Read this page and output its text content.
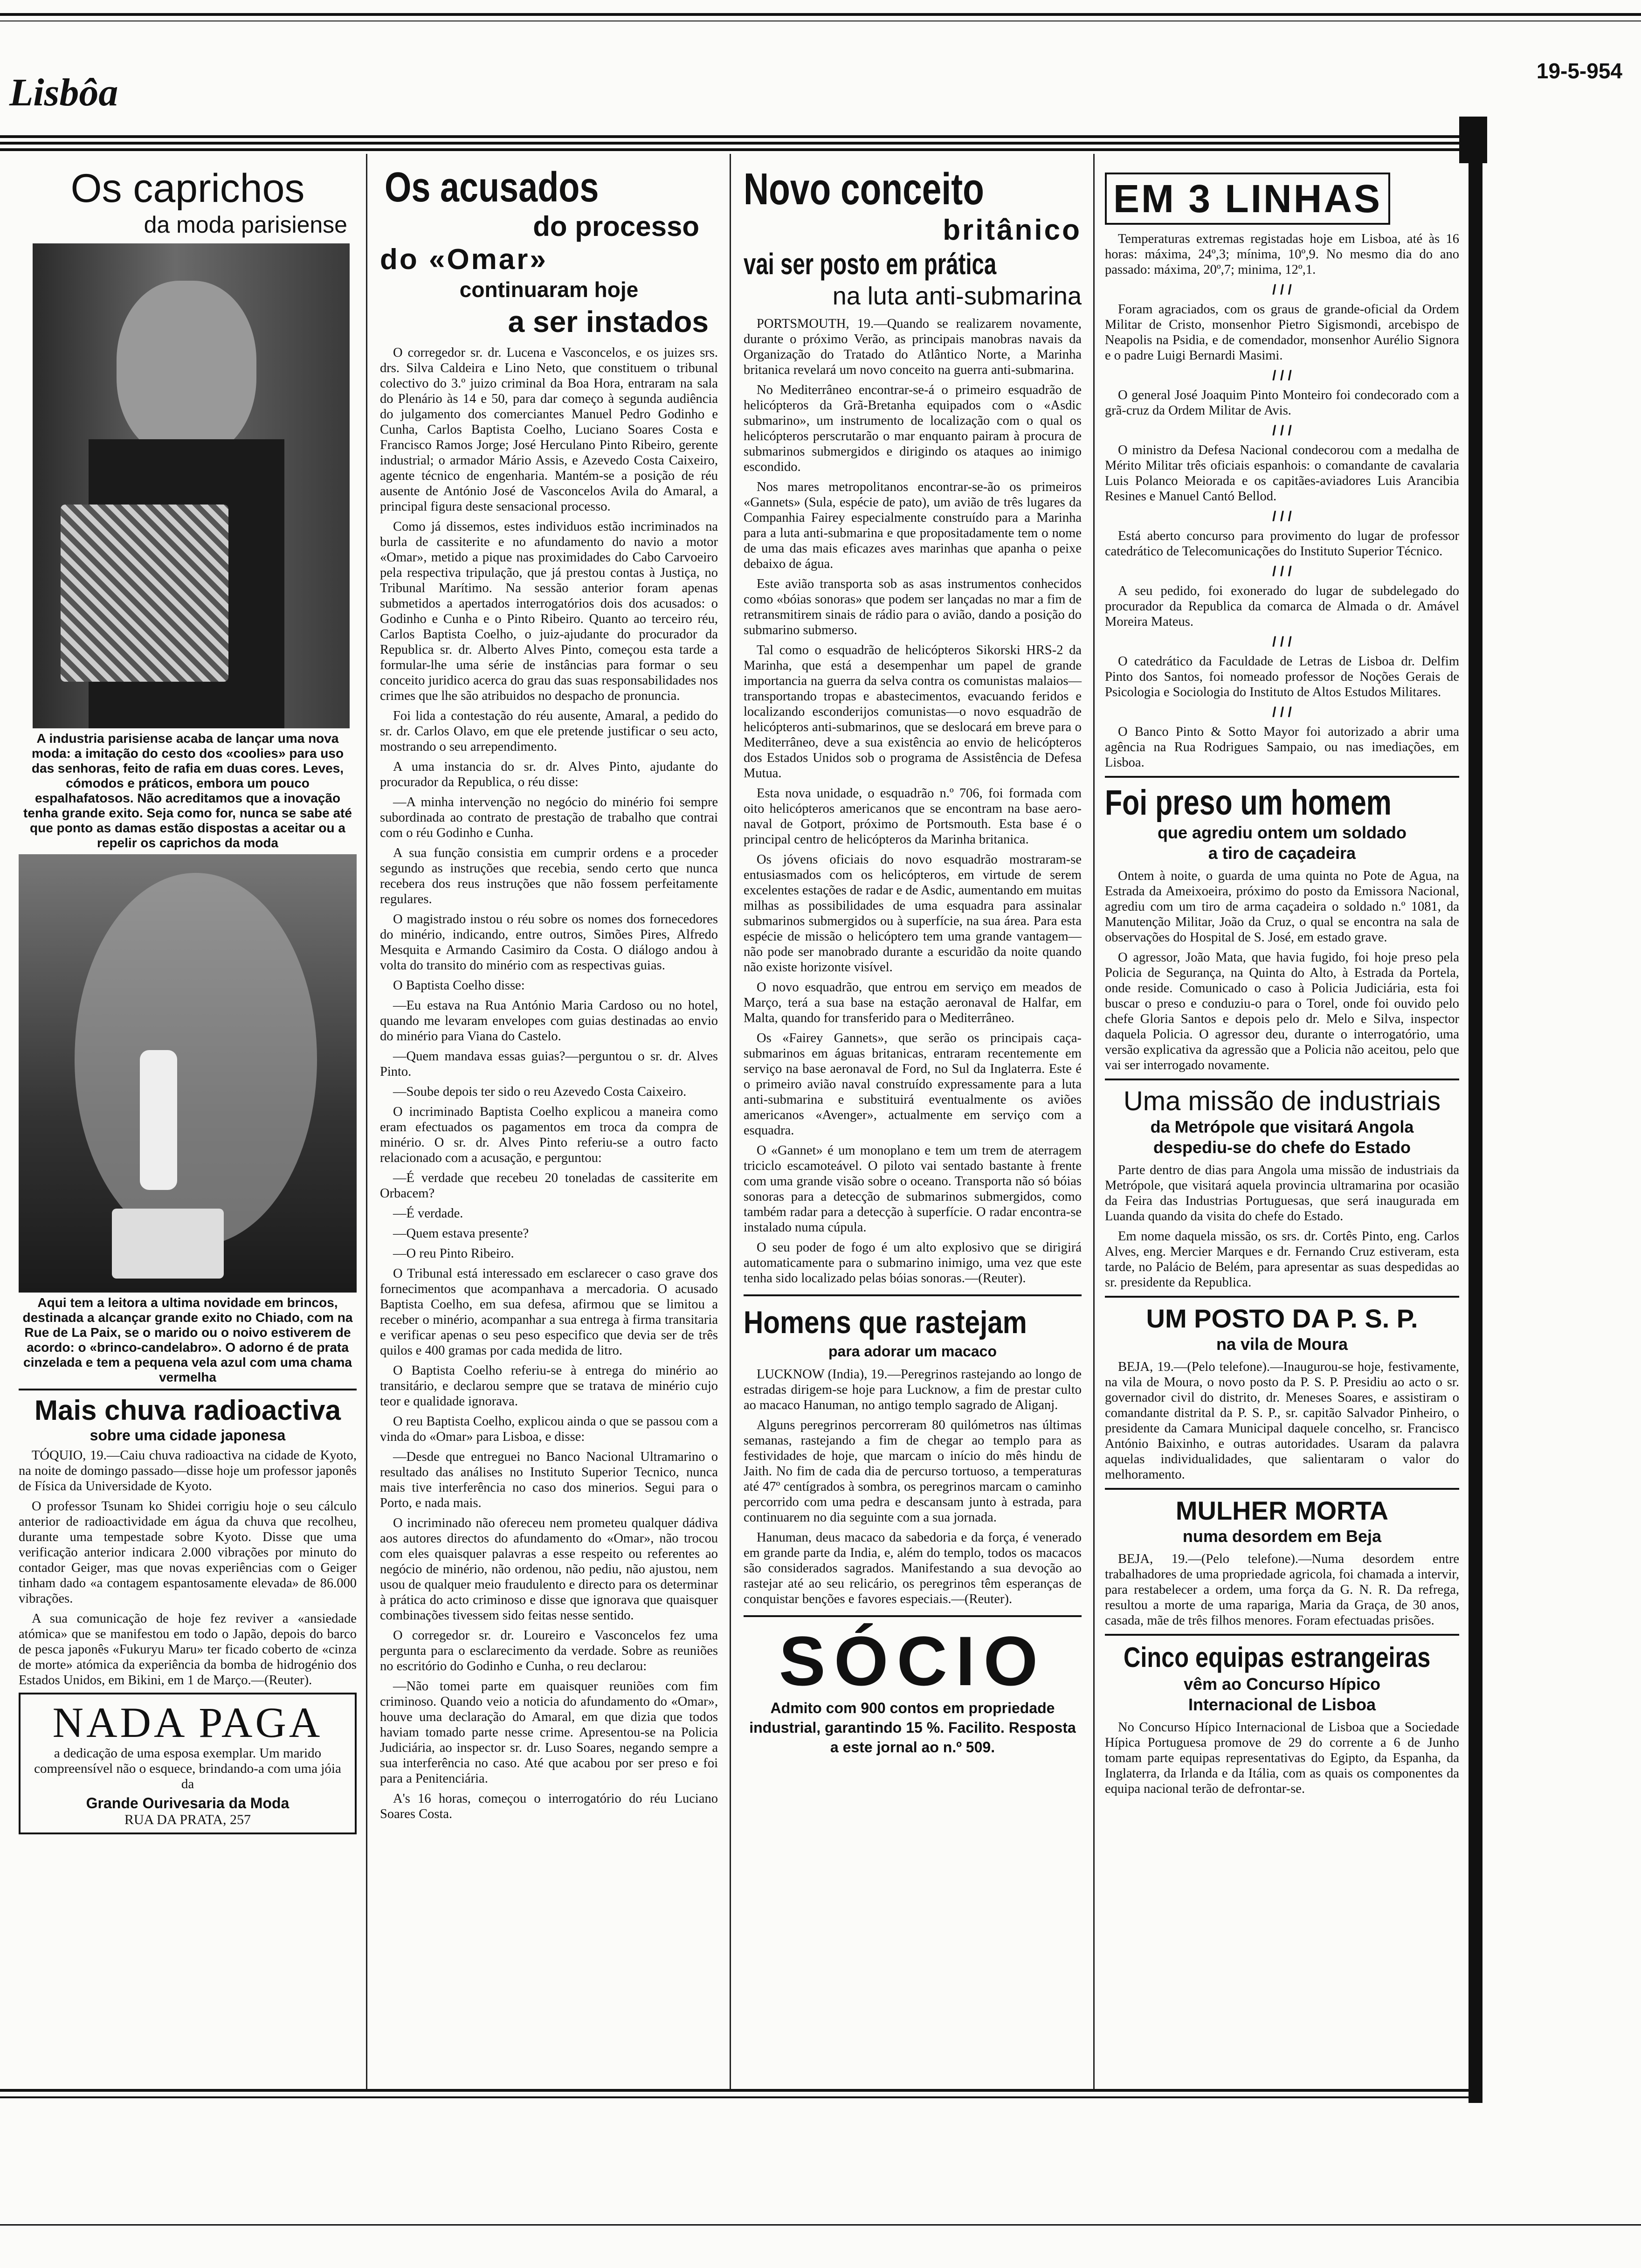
Lisbôa	19-5-954
Os caprichos
da moda parisiense
A industria parisiense acaba de lançar uma nova moda: a imitação do cesto dos «coolies» para uso das senhoras, feito de rafia em duas cores. Leves, cómodos e práticos, embora um pouco espalhafatosos. Não acreditamos que a inovação tenha grande exito. Seja como for, nunca se sabe até que ponto as damas estão dispostas a aceitar ou a repelir os caprichos da moda
Aqui tem a leitora a ultima novidade em brincos, destinada a alcançar grande exito no Chiado, com na Rue de La Paix, se o marido ou o noivo estiverem de acordo: o «brinco-candelabro». O adorno é de prata cinzelada e tem a pequena vela azul com uma chama vermelha
Mais chuva radioactiva
sobre uma cidade japonesa

TÓQUIO, 19.—Caiu chuva radioactiva na cidade de Kyoto, na noite de domingo passado—disse hoje um professor japonês de Física da Universidade de Kyoto.

O professor Tsunam ko Shidei corrigiu hoje o seu cálculo anterior de radioactividade em água da chuva que recolheu, durante uma tempestade sobre Kyoto. Disse que uma verificação anterior indicara 2.000 vibrações por minuto do contador Geiger, mas que novas experiências com o Geiger tinham dado «a contagem espantosamente elevada» de 86.000 vibrações.

A sua comunicação de hoje fez reviver a «ansiedade atómica» que se manifestou em todo o Japão, depois do barco de pesca japonês «Fukuryu Maru» ter ficado coberto de «cinza de morte» atómica da experiência da bomba de hidrogénio dos Estados Unidos, em Bikini, em 1 de Março.—(Reuter).

NADA PAGA
a dedicação de uma esposa exemplar. Um marido compreensível não o esquece, brindando-a com uma jóia da
Grande Ourivesaria da Moda
RUA DA PRATA, 257
Os acusados
do processo
do «Omar»
continuaram hoje
a ser instados

O corregedor sr. dr. Lucena e Vasconcelos, e os juizes srs. drs. Silva Caldeira e Lino Neto, que constituem o tribunal colectivo do 3.º juizo criminal da Boa Hora, entraram na sala do Plenário às 14 e 50, para dar começo à segunda audiência do julgamento dos comerciantes Manuel Pedro Godinho e Cunha, Carlos Baptista Coelho, Luciano Soares Costa e Francisco Ramos Jorge; José Herculano Pinto Ribeiro, gerente industrial; o armador Mário Assis, e Azevedo Costa Caixeiro, agente técnico de engenharia. Mantém-se a posição de réu ausente de António José de Vasconcelos Avila do Amaral, a principal figura deste sensacional processo.

Como já dissemos, estes individuos estão incriminados na burla de cassiterite e no afundamento do navio a motor «Omar», metido a pique nas proximidades do Cabo Carvoeiro pela respectiva tripulação, que já prestou contas à Justiça, no Tribunal Marítimo. Na sessão anterior foram apenas submetidos a apertados interrogatórios dois dos acusados: o Godinho e Cunha e o Pinto Ribeiro. Quanto ao terceiro réu, Carlos Baptista Coelho, o juiz-ajudante do procurador da Republica sr. dr. Alberto Alves Pinto, começou esta tarde a formular-lhe uma série de instâncias para formar o seu conceito juridico acerca do grau das suas responsabilidades nos crimes que lhe são atribuidos no despacho de pronuncia.

Foi lida a contestação do réu ausente, Amaral, a pedido do sr. dr. Carlos Olavo, em que ele pretende justificar o seu acto, mostrando o seu arrependimento.

A uma instancia do sr. dr. Alves Pinto, ajudante do procurador da Republica, o réu disse:

—A minha intervenção no negócio do minério foi sempre subordinada ao contrato de prestação de trabalho que contrai com o réu Godinho e Cunha.

A sua função consistia em cumprir ordens e a proceder segundo as instruções que recebia, sendo certo que nunca recebera dos reus instruções que não fossem perfeitamente regulares.

O magistrado instou o réu sobre os nomes dos fornecedores do minério, indicando, entre outros, Simões Pires, Alfredo Mesquita e Armando Casimiro da Costa. O diálogo andou à volta do transito do minério com as respectivas guias.

O Baptista Coelho disse:

—Eu estava na Rua António Maria Cardoso ou no hotel, quando me levaram envelopes com guias destinadas ao envio do minério para Viana do Castelo.

—Quem mandava essas guias?—perguntou o sr. dr. Alves Pinto.

—Soube depois ter sido o reu Azevedo Costa Caixeiro.

O incriminado Baptista Coelho explicou a maneira como eram efectuados os pagamentos em troca da compra de minério. O sr. dr. Alves Pinto referiu-se a outro facto relacionado com a acusação, e perguntou:

—É verdade que recebeu 20 toneladas de cassiterite em Orbacem?

—É verdade.

—Quem estava presente?

—O reu Pinto Ribeiro.

O Tribunal está interessado em esclarecer o caso grave dos fornecimentos que acompanhava a mercadoria. O acusado Baptista Coelho, em sua defesa, afirmou que se limitou a receber o minério, acompanhar a sua entrega à firma transitaria e verificar apenas o seu peso especifico que devia ser de três quilos e 400 gramas por cada medida de litro.

O Baptista Coelho referiu-se à entrega do minério ao transitário, e declarou sempre que se tratava de minério cujo teor e qualidade ignorava.

O reu Baptista Coelho, explicou ainda o que se passou com a vinda do «Omar» para Lisboa, e disse:

—Desde que entreguei no Banco Nacional Ultramarino o resultado das análises no Instituto Superior Tecnico, nunca mais tive interferência no caso dos minerios. Segui para o Porto, e nada mais.

O incriminado não ofereceu nem prometeu qualquer dádiva aos autores directos do afundamento do «Omar», não trocou com eles quaisquer palavras a esse respeito ou referentes ao negócio de minério, não ordenou, não pediu, não ajustou, nem usou de qualquer meio fraudulento e directo para os determinar à prática do acto criminoso e disse que ignorava que quaisquer combinações tivessem sido feitas nesse sentido.

O corregedor sr. dr. Loureiro e Vasconcelos fez uma pergunta para o esclarecimento da verdade. Sobre as reuniões no escritório do Godinho e Cunha, o reu declarou:

—Não tomei parte em quaisquer reuniões com fim criminoso. Quando veio a noticia do afundamento do «Omar», houve uma declaração do Amaral, em que dizia que todos haviam tomado parte nesse crime. Apresentou-se na Policia Judiciária, ao inspector sr. dr. Luso Soares, negando sempre a sua interferência no caso. Até que acabou por ser preso e foi para a Penitenciária.

A's 16 horas, começou o interrogatório do réu Luciano Soares Costa.

Novo conceito
britânico
vai ser posto em prática
na luta anti-submarina

PORTSMOUTH, 19.—Quando se realizarem novamente, durante o próximo Verão, as principais manobras navais da Organização do Tratado do Atlântico Norte, a Marinha britanica revelará um novo conceito na guerra anti-submarina.

No Mediterrâneo encontrar-se-á o primeiro esquadrão de helicópteros da Grã-Bretanha equipados com o «Asdic submarino», um instrumento de localização com o qual os helicópteros perscrutarão o mar enquanto pairam à procura de submarinos submergidos e dirigindo os ataques ao inimigo escondido.

Nos mares metropolitanos encontrar-se-ão os primeiros «Gannets» (Sula, espécie de pato), um avião de três lugares da Companhia Fairey especialmente construído para a Marinha para a luta anti-submarina e que propositadamente tem o nome de uma das mais eficazes aves marinhas que apanha o peixe debaixo de água.

Este avião transporta sob as asas instrumentos conhecidos como «bóias sonoras» que podem ser lançadas no mar a fim de retransmitirem sinais de rádio para o avião, dando a posição do submarino submerso.

Tal como o esquadrão de helicópteros Sikorski HRS-2 da Marinha, que está a desempenhar um papel de grande importancia na guerra da selva contra os comunistas malaios—transportando tropas e abastecimentos, evacuando feridos e localizando esconderijos comunistas—o novo esquadrão de helicópteros anti-submarinos, que se deslocará em breve para o Mediterrâneo, deve a sua existência ao envio de helicópteros dos Estados Unidos sob o programa de Assistência de Defesa Mutua.

Esta nova unidade, o esquadrão n.º 706, foi formada com oito helicópteros americanos que se encontram na base aero-naval de Gotport, próximo de Portsmouth. Esta base é o principal centro de helicópteros da Marinha britanica.

Os jóvens oficiais do novo esquadrão mostraram-se entusiasmados com os helicópteros, em virtude de serem excelentes estações de radar e de Asdic, aumentando em muitas milhas as possibilidades de uma esquadra para assinalar submarinos submergidos ou à superfície, na sua área. Para esta espécie de missão o helicóptero tem uma grande vantagem—não pode ser manobrado durante a escuridão da noite quando não existe horizonte visível.

O novo esquadrão, que entrou em serviço em meados de Março, terá a sua base na estação aeronaval de Halfar, em Malta, quando for transferido para o Mediterrâneo.

Os «Fairey Gannets», que serão os principais caça-submarinos em águas britanicas, entraram recentemente em serviço na base aeronaval de Ford, no Sul da Inglaterra. Este é o primeiro avião naval construído expressamente para a luta anti-submarina e substituirá eventualmente os aviões americanos «Avenger», actualmente em serviço com a esquadra.

O «Gannet» é um monoplano e tem um trem de aterragem triciclo escamoteável. O piloto vai sentado bastante à frente com uma grande visão sobre o oceano. Transporta não só bóias sonoras para a detecção de submarinos submergidos, como também radar para a detecção à superfície. O radar encontra-se instalado numa cúpula.

O seu poder de fogo é um alto explosivo que se dirigirá automaticamente para o submarino inimigo, uma vez que este tenha sido localizado pelas bóias sonoras.—(Reuter).

Homens que rastejam
para adorar um macaco

LUCKNOW (India), 19.—Peregrinos rastejando ao longo de estradas dirigem-se hoje para Lucknow, a fim de prestar culto ao macaco Hanuman, no antigo templo sagrado de Aliganj.

Alguns peregrinos percorreram 80 quilómetros nas últimas semanas, rastejando a fim de chegar ao templo para as festividades de hoje, que marcam o início do mês hindu de Jaith. No fim de cada dia de percurso tortuoso, a temperaturas até 47º centígrados à sombra, os peregrinos marcam o caminho percorrido com uma pedra e descansam junto à estrada, para continuarem no dia seguinte com a sua jornada.

Hanuman, deus macaco da sabedoria e da força, é venerado em grande parte da India, e, além do templo, todos os macacos são considerados sagrados. Manifestando a sua devoção ao rastejar até ao seu relicário, os peregrinos têm esperanças de conquistar benções e favores especiais.—(Reuter).

SÓCIO
Admito com 900 contos em propriedade industrial, garantindo 15 %. Facilito. Resposta a este jornal ao n.º 509.
EM 3 LINHAS

Temperaturas extremas registadas hoje em Lisboa, até às 16 horas: máxima, 24º,3; mínima, 10º,9. No mesmo dia do ano passado: máxima, 20º,7; minima, 12º,1.

/ / /

Foram agraciados, com os graus de grande-oficial da Ordem Militar de Cristo, monsenhor Pietro Sigismondi, arcebispo de Neapolis na Psidia, e de comendador, monsenhor Aurélio Signora e o padre Luigi Bernardi Masimi.

/ / /

O general José Joaquim Pinto Monteiro foi condecorado com a grã-cruz da Ordem Militar de Avis.

/ / /

O ministro da Defesa Nacional condecorou com a medalha de Mérito Militar três oficiais espanhois: o comandante de cavalaria Luis Polanco Meiorada e os capitães-aviadores Luis Arancibia Resines e Manuel Cantó Bellod.

/ / /

Está aberto concurso para provimento do lugar de professor catedrático de Telecomunicações do Instituto Superior Técnico.

/ / /

A seu pedido, foi exonerado do lugar de subdelegado do procurador da Republica da comarca de Almada o dr. Amável Moreira Mateus.

/ / /

O catedrático da Faculdade de Letras de Lisboa dr. Delfim Pinto dos Santos, foi nomeado professor de Noções Gerais de Psicologia e Sociologia do Instituto de Altos Estudos Militares.

/ / /

O Banco Pinto & Sotto Mayor foi autorizado a abrir uma agência na Rua Rodrigues Sampaio, ou nas imediações, em Lisboa.

Foi preso um homem
que agrediu ontem um soldado
a tiro de caçadeira

Ontem à noite, o guarda de uma quinta no Pote de Agua, na Estrada da Ameixoeira, próximo do posto da Emissora Nacional, agrediu com um tiro de arma caçadeira o soldado n.º 1081, da Manutenção Militar, João da Cruz, o qual se encontra na sala de observações do Hospital de S. José, em estado grave.

O agressor, João Mata, que havia fugido, foi hoje preso pela Policia de Segurança, na Quinta do Alto, à Estrada da Portela, onde reside. Comunicado o caso à Policia Judiciária, esta foi buscar o preso e conduziu-o para o Torel, onde foi ouvido pelo chefe Gloria Santos e depois pelo dr. Melo e Silva, inspector daquela Policia. O agressor deu, durante o interrogatório, uma versão explicativa da agressão que a Policia não aceitou, pelo que vai ser interrogado novamente.

Uma missão de industriais
da Metrópole que visitará Angola
despediu-se do chefe do Estado

Parte dentro de dias para Angola uma missão de industriais da Metrópole, que visitará aquela provincia ultramarina por ocasião da Feira das Industrias Portuguesas, que será inaugurada em Luanda quando da visita do chefe do Estado.

Em nome daquela missão, os srs. dr. Cortês Pinto, eng. Carlos Alves, eng. Mercier Marques e dr. Fernando Cruz estiveram, esta tarde, no Palácio de Belém, para apresentar as suas despedidas ao sr. presidente da Republica.

UM POSTO DA P. S. P.
na vila de Moura

BEJA, 19.—(Pelo telefone).—Inaugurou-se hoje, festivamente, na vila de Moura, o novo posto da P. S. P. Presidiu ao acto o sr. governador civil do distrito, dr. Meneses Soares, e assistiram o comandante distrital da P. S. P., sr. capitão Salvador Pinheiro, o presidente da Camara Municipal daquele concelho, sr. Francisco António Baixinho, e outras autoridades. Usaram da palavra aquelas individualidades, que salientaram o valor do melhoramento.

MULHER MORTA
numa desordem em Beja

BEJA, 19.—(Pelo telefone).—Numa desordem entre trabalhadores de uma propriedade agricola, foi chamada a intervir, para restabelecer a ordem, uma força da G. N. R. Da refrega, resultou a morte de uma rapariga, Maria da Graça, de 30 anos, casada, mãe de três filhos menores. Foram efectuadas prisões.

Cinco equipas estrangeiras
vêm ao Concurso Hípico
Internacional de Lisboa

No Concurso Hípico Internacional de Lisboa que a Sociedade Hípica Portuguesa promove de 29 do corrente a 6 de Junho tomam parte equipas representativas do Egipto, da Espanha, da Inglaterra, da Irlanda e da Itália, com as quais os componentes da equipa nacional terão de defrontar-se.
